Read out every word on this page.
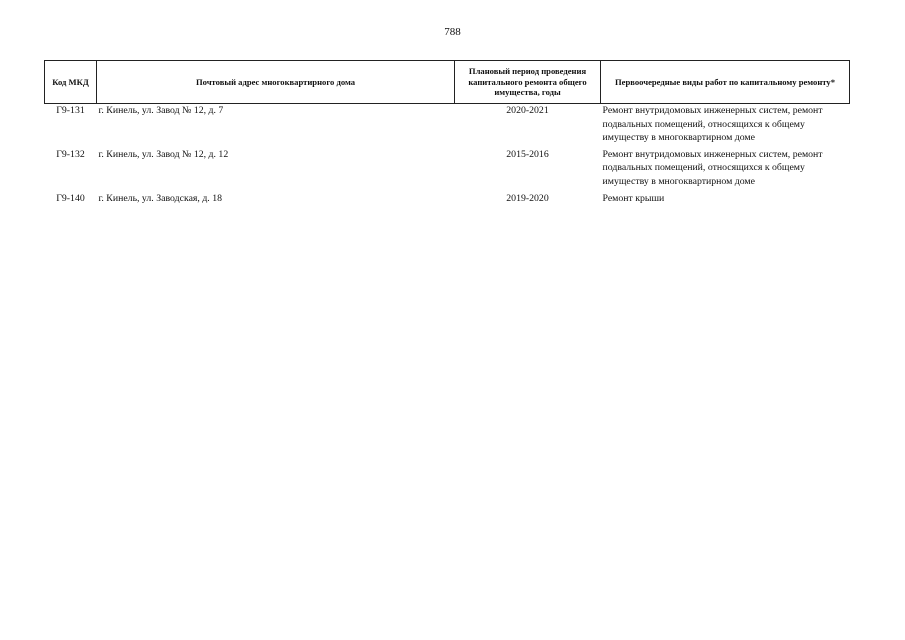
788
Код МКД	Почтовый адрес многоквартирного дома	Плановый период проведения капитального ремонта общего имущества, годы	Первоочередные виды работ по капитальному ремонту*
Г9-131	г. Кинель, ул. Завод № 12, д. 7	2020-2021	Ремонт внутридомовых инженерных систем, ремонт подвальных помещений, относящихся к общему имуществу в многоквартирном доме
Г9-132	г. Кинель, ул. Завод № 12, д. 12	2015-2016	Ремонт внутридомовых инженерных систем, ремонт подвальных помещений, относящихся к общему имуществу в многоквартирном доме
Г9-140	г. Кинель, ул. Заводская, д. 18	2019-2020	Ремонт крыши
